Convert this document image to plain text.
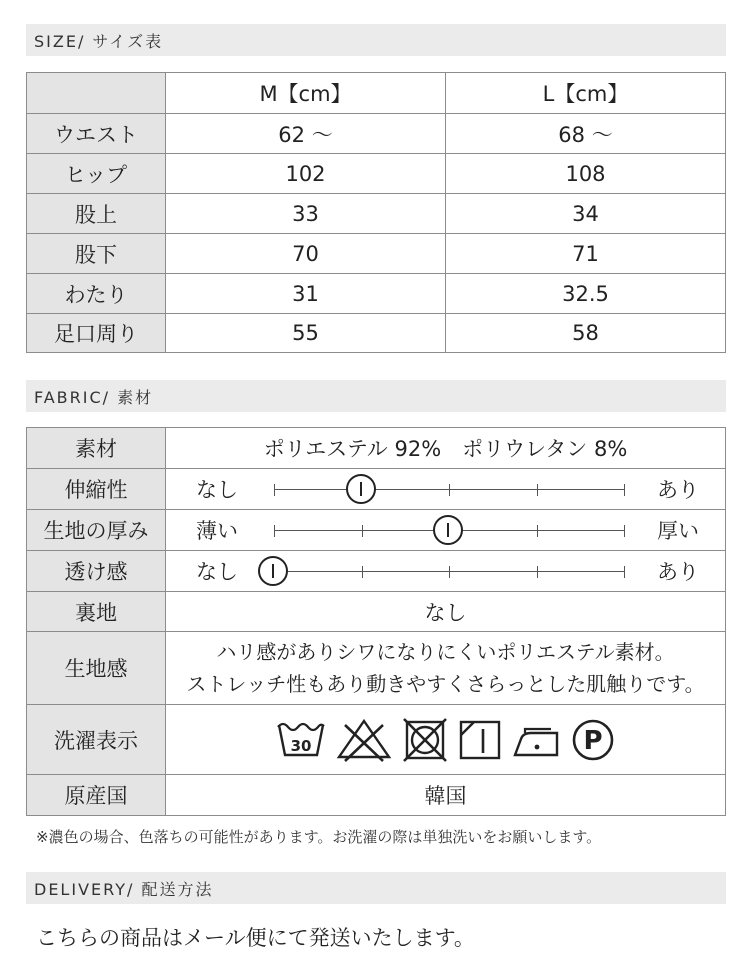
SIZE/ サイズ表
	M【cm】	L【cm】
ウエスト	62 〜	68 〜
ヒップ	102	108
股上	33	34
股下	70	71
わたり	31	32.5
足口周り	55	58
FABRIC/ 素材
素材	ポリエステル 92%　ポリウレタン 8%
伸縮性	なし あり

生地の厚み	薄い 厚い

透け感	なし あり

裏地	なし
生地感	ハリ感がありシワになりにくいポリエステル素材。
ストレッチ性もあり動きやすくさらっとした肌触りです。

洗濯表示	30 P

原産国	韓国
※濃色の場合、色落ちの可能性があります。お洗濯の際は単独洗いをお願いします。
DELIVERY/ 配送方法
こちらの商品はメール便にて発送いたします。
